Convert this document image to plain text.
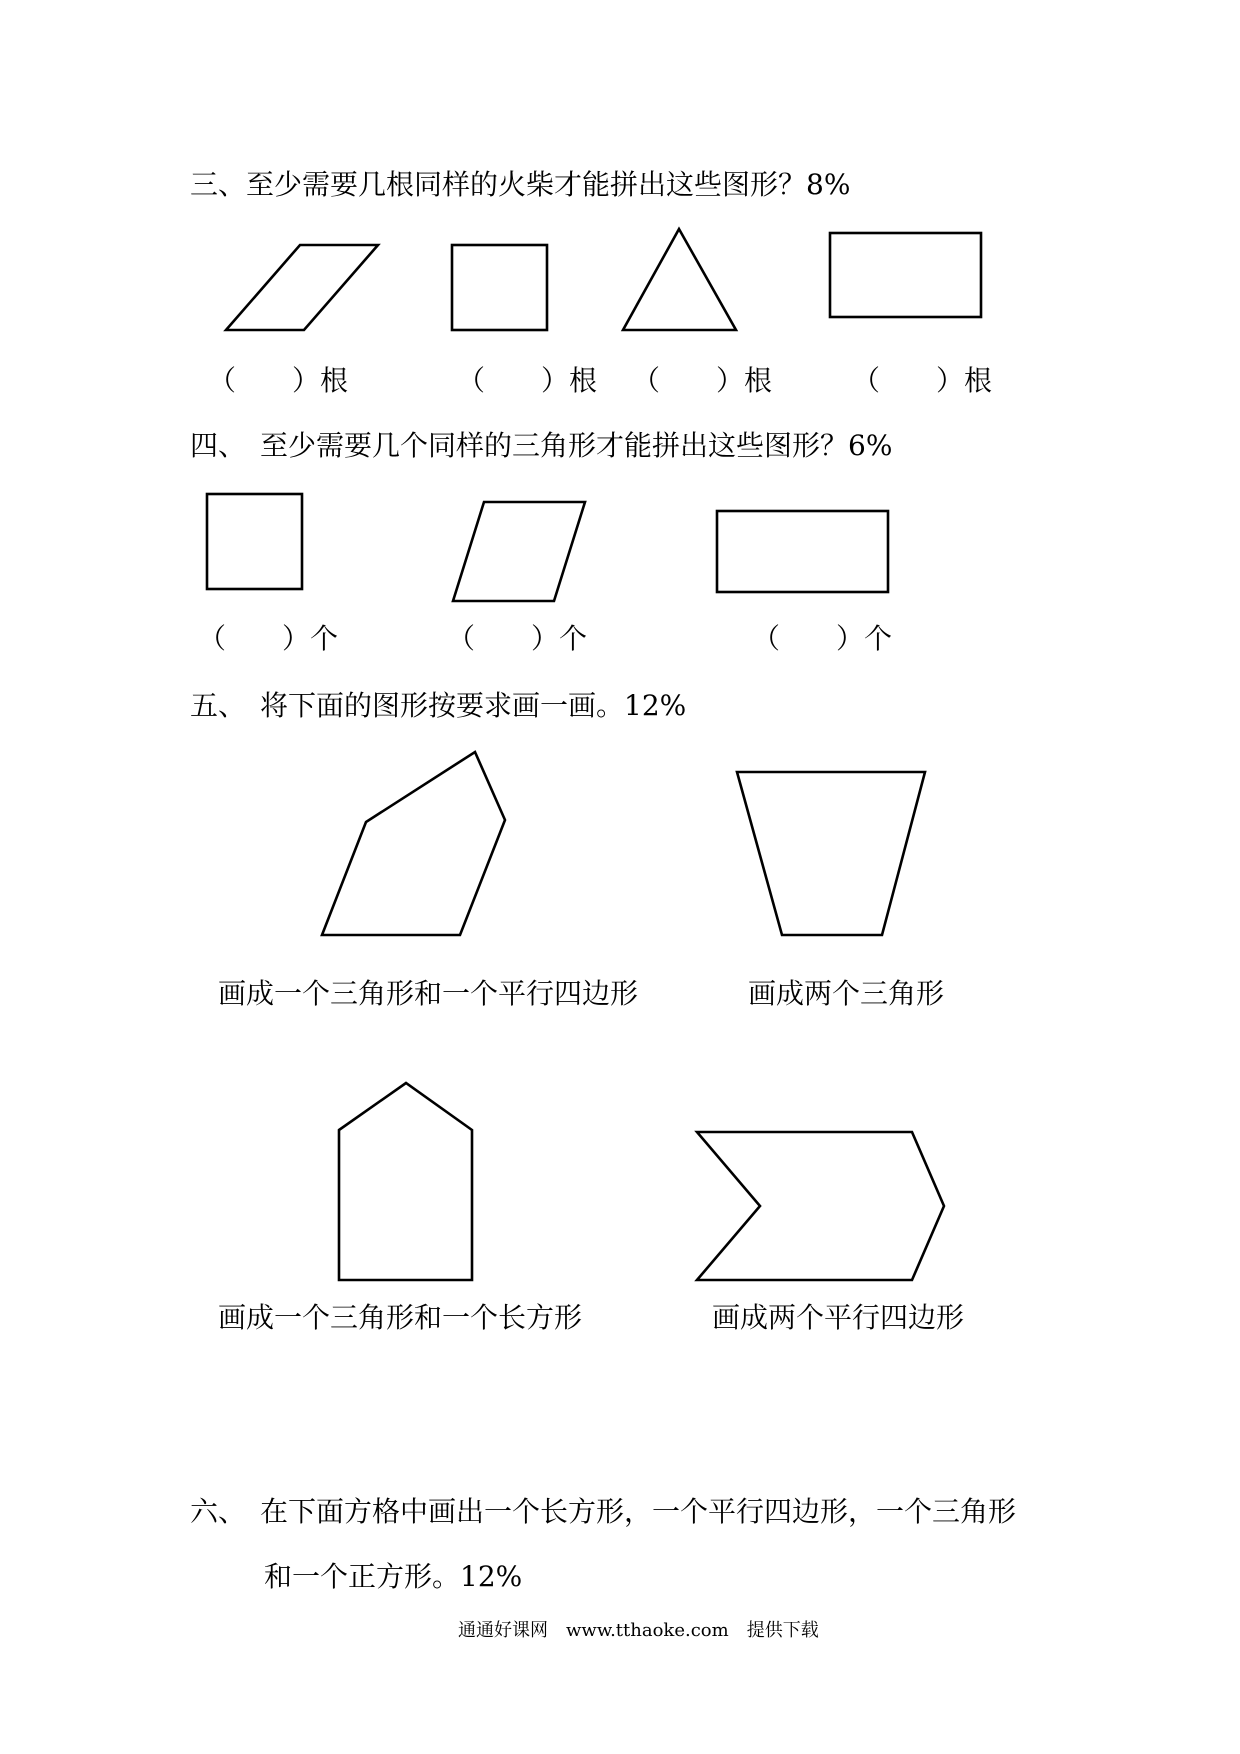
三、至少需要几根同样的火柴才能拼出这些图形？8%
（　　）根	（　　）根 （　　）根	（　　）根
四、　至少需要几个同样的三角形才能拼出这些图形？6%
（　　）个	（　　）个	（　　）个
五、　将下面的图形按要求画一画。12%
画成一个三角形和一个平行四边形	画成两个三角形
画成一个三角形和一个长方形	画成两个平行四边形
六、　在下面方格中画出一个长方形，一个平行四边形，一个三角形
和一个正方形。12%
通通好课网　www.tthaoke.com　提供下载
